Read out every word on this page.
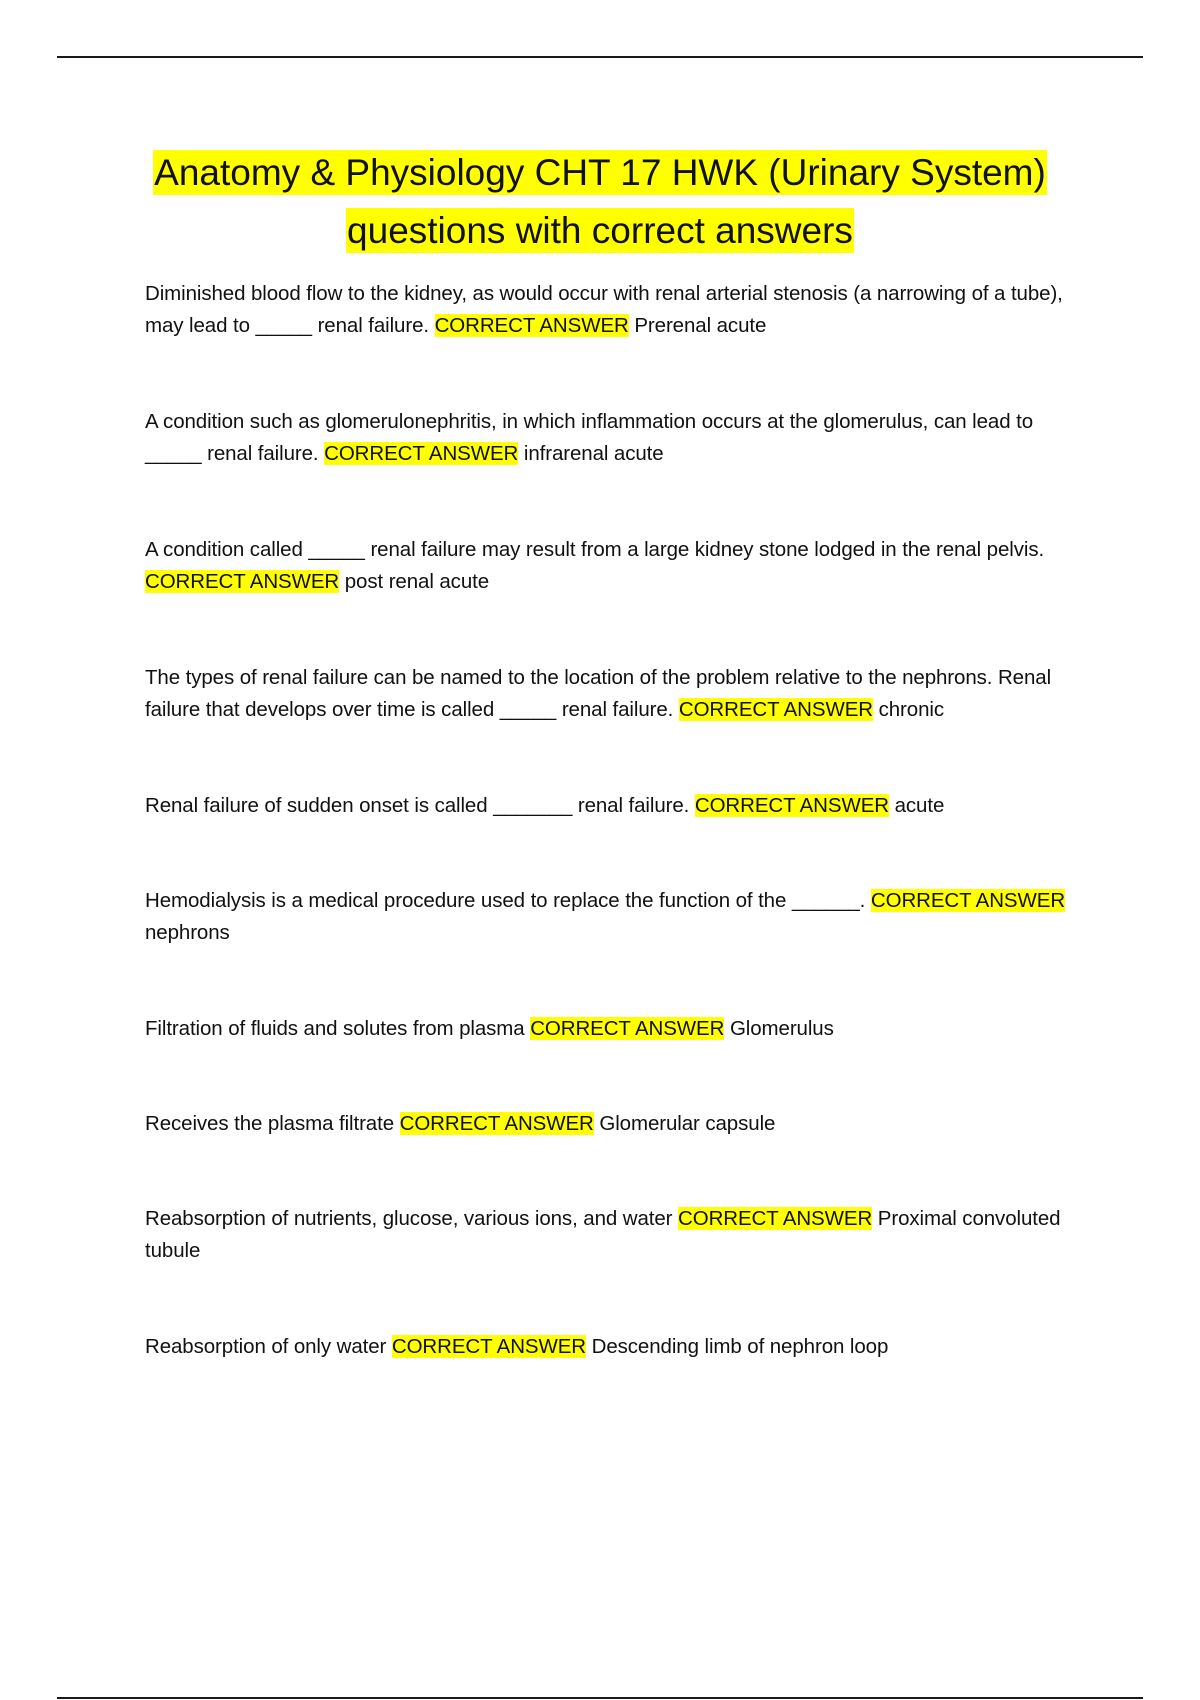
Anatomy & Physiology CHT 17 HWK (Urinary System) questions with correct answers
Diminished blood flow to the kidney, as would occur with renal arterial stenosis (a narrowing of a tube), may lead to _____ renal failure. CORRECT ANSWER Prerenal acute
A condition such as glomerulonephritis, in which inflammation occurs at the glomerulus, can lead to _____ renal failure. CORRECT ANSWER infrarenal acute
A condition called _____ renal failure may result from a large kidney stone lodged in the renal pelvis. CORRECT ANSWER post renal acute
The types of renal failure can be named to the location of the problem relative to the nephrons. Renal failure that develops over time is called _____ renal failure. CORRECT ANSWER chronic
Renal failure of sudden onset is called _______ renal failure. CORRECT ANSWER acute
Hemodialysis is a medical procedure used to replace the function of the ______. CORRECT ANSWER nephrons
Filtration of fluids and solutes from plasma CORRECT ANSWER Glomerulus
Receives the plasma filtrate CORRECT ANSWER Glomerular capsule
Reabsorption of nutrients, glucose, various ions, and water CORRECT ANSWER Proximal convoluted tubule
Reabsorption of only water CORRECT ANSWER Descending limb of nephron loop
